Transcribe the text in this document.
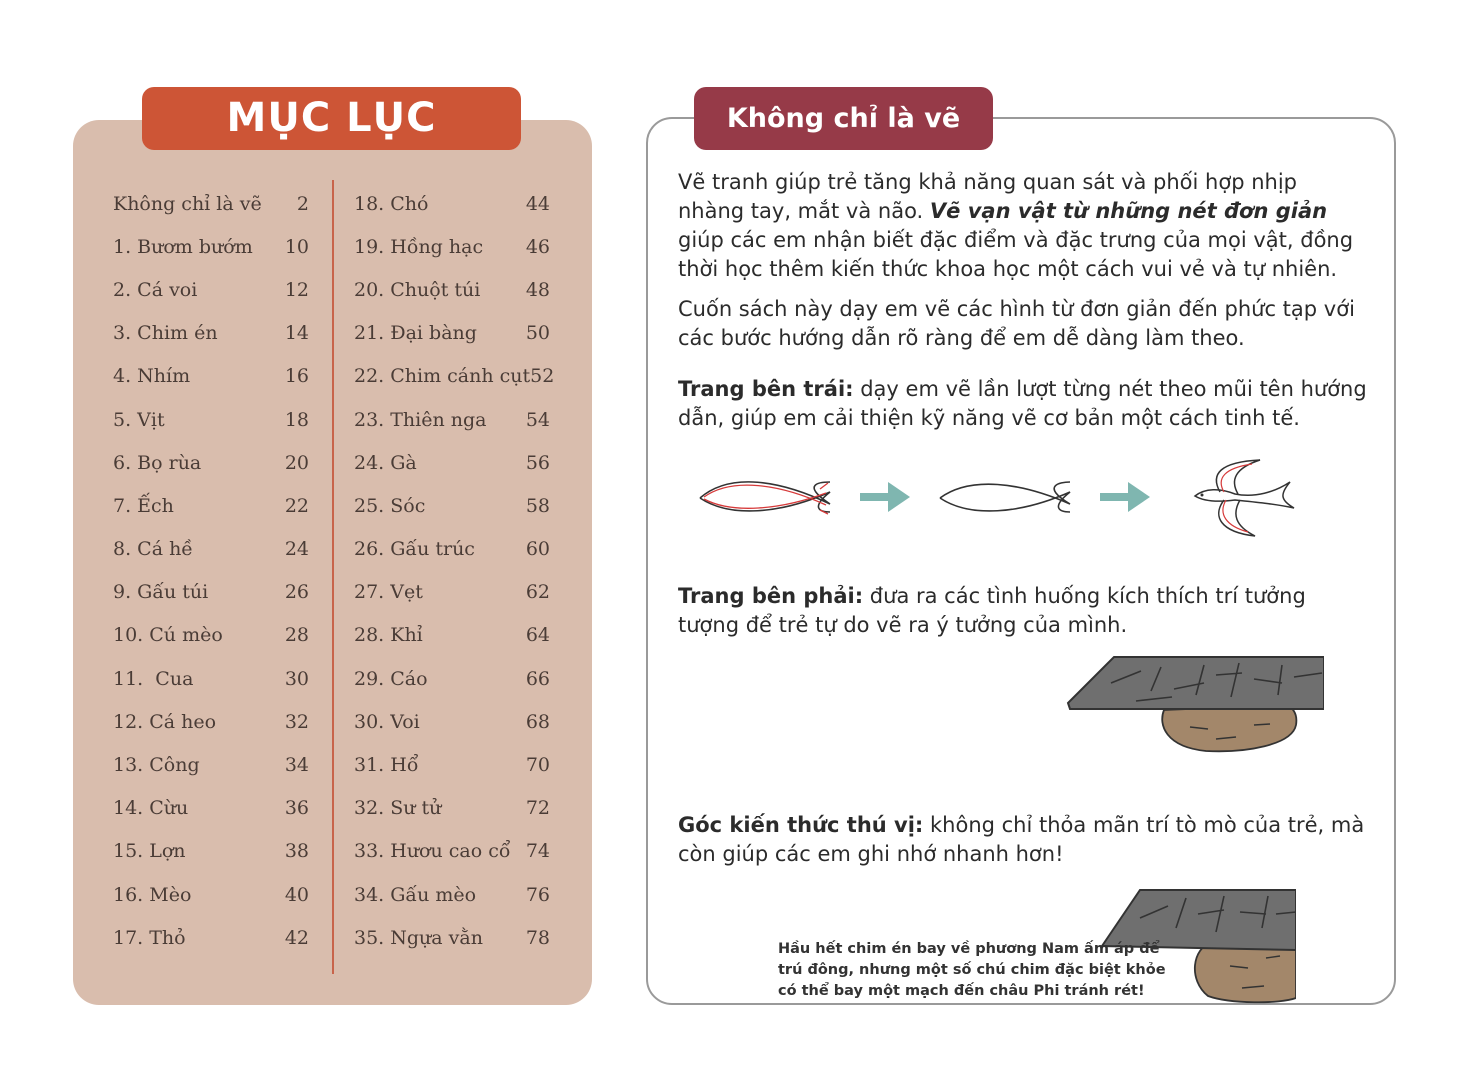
MỤC LỤC
Không chỉ là vẽ 2
1. Bươm bướm 10
2. Cá voi	12
3. Chim én	14
4. Nhím	16
5. Vịt	18
6. Bọ rùa	20
7. Ếch	22
8. Cá hề	24
9. Gấu túi	26
10. Cú mèo	28
11.  Cua	30
12. Cá heo	32
13. Công	34
14. Cừu	36
15. Lợn	38
16. Mèo	40
17. Thỏ	42
18. Chó	44
19. Hồng hạc 46
20. Chuột túi 48
21. Đại bàng	50
22. Chim cánh cụt 52
23. Thiên nga 54
24. Gà	56
25. Sóc	58
26. Gấu trúc	60
27. Vẹt	62
28. Khỉ	64
29. Cáo	66
30. Voi	68
31. Hổ	70
32. Sư tử	72
33. Hươu cao cổ 74
34. Gấu mèo	76
35. Ngựa vằn 78
Không chỉ là vẽ

Vẽ tranh giúp trẻ tăng khả năng quan sát và phối hợp nhịp nhàng tay, mắt và não. Vẽ vạn vật từ những nét đơn giản giúp các em nhận biết đặc điểm và đặc trưng của mọi vật, đồng thời học thêm kiến thức khoa học một cách vui vẻ và tự nhiên.

Cuốn sách này dạy em vẽ các hình từ đơn giản đến phức tạp với các bước hướng dẫn rõ ràng để em dễ dàng làm theo.

Trang bên trái: dạy em vẽ lần lượt từng nét theo mũi tên hướng dẫn, giúp em cải thiện kỹ năng vẽ cơ bản một cách tinh tế.

Trang bên phải: đưa ra các tình huống kích thích trí tưởng tượng để trẻ tự do vẽ ra ý tưởng của mình.

Góc kiến thức thú vị: không chỉ thỏa mãn trí tò mò của trẻ, mà còn giúp các em ghi nhớ nhanh hơn!

Hầu hết chim én bay về phương Nam ấm áp để trú đông, nhưng một số chú chim đặc biệt khỏe có thể bay một mạch đến châu Phi tránh rét!
